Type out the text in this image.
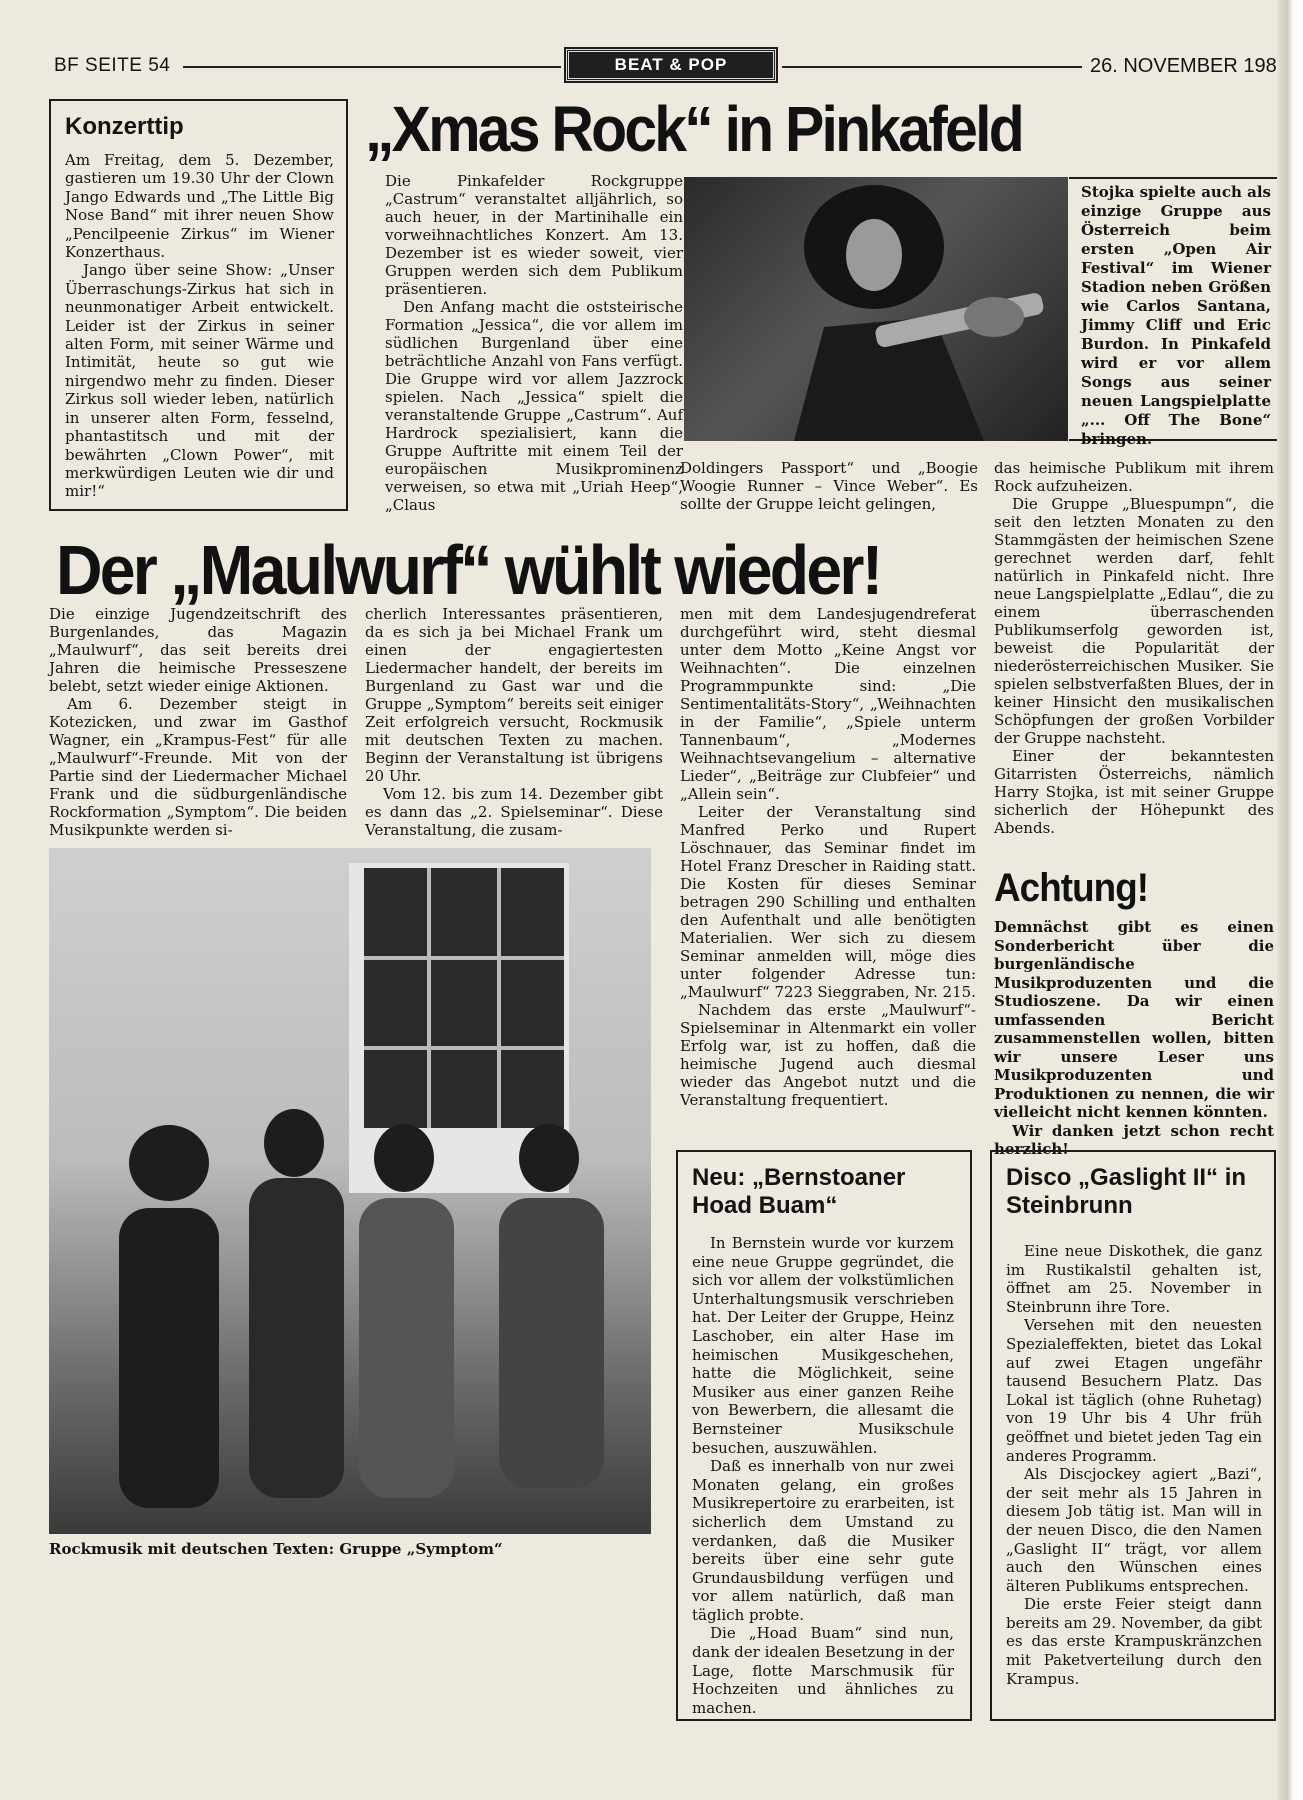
BF SEITE 54	BEAT & POP	26. NOVEMBER 198
Konzerttip

Am Freitag, dem 5. Dezember, gastieren um 19.30 Uhr der Clown Jango Edwards und „The Little Big Nose Band“ mit ihrer neuen Show „Pencilpeenie Zirkus“ im Wiener Konzerthaus.

Jango über seine Show: „Unser Überraschungs-Zirkus hat sich in neunmonatiger Arbeit entwickelt. Leider ist der Zirkus in seiner alten Form, mit seiner Wärme und Intimität, heute so gut wie nirgendwo mehr zu finden. Dieser Zirkus soll wieder leben, natürlich in unserer alten Form, fesselnd, phantastitsch und mit der bewährten „Clown Power“, mit merkwürdigen Leuten wie dir und mir!“

„Xmas Rock“ in Pinkafeld

Die Pinkafelder Rockgruppe „Castrum“ veranstaltet alljährlich, so auch heuer, in der Martinihalle ein vorweihnachtliches Konzert. Am 13. Dezember ist es wieder soweit, vier Gruppen werden sich dem Publikum präsentieren.

Den Anfang macht die oststeirische Formation „Jessica“, die vor allem im südlichen Burgenland über eine beträchtliche Anzahl von Fans verfügt. Die Gruppe wird vor allem Jazzrock spielen. Nach „Jessica“ spielt die veranstaltende Gruppe „Castrum“. Auf Hardrock spezialisiert, kann die Gruppe Auftritte mit einem Teil der europäischen Musikprominenz verweisen, so etwa mit „Uriah Heep“, „Claus

Stojka spielte auch als einzige Gruppe aus Österreich beim ersten „Open Air Festival“ im Wiener Stadion neben Größen wie Carlos Santana, Jimmy Cliff und Eric Burdon. In Pinkafeld wird er vor allem Songs aus seiner neuen Langspielplatte „... Off The Bone“ bringen.

Doldingers Passport“ und „Boogie Woogie Runner – Vince Weber“. Es sollte der Gruppe leicht gelingen,

das heimische Publikum mit ihrem Rock aufzuheizen.

Die Gruppe „Bluespumpn“, die seit den letzten Monaten zu den Stammgästen der heimischen Szene gerechnet werden darf, fehlt natürlich in Pinkafeld nicht. Ihre neue Langspielplatte „Edlau“, die zu einem überraschenden Publikumserfolg geworden ist, beweist die Popularität der niederösterreichischen Musiker. Sie spielen selbstverfaßten Blues, der in keiner Hinsicht den musikalischen Schöpfungen der großen Vorbilder der Gruppe nachsteht.

Einer der bekanntesten Gitarristen Österreichs, nämlich Harry Stojka, ist mit seiner Gruppe sicherlich der Höhepunkt des Abends.

Der „Maulwurf“ wühlt wieder!

Die einzige Jugendzeitschrift des Burgenlandes, das Magazin „Maulwurf“, das seit bereits drei Jahren die heimische Presseszene belebt, setzt wieder einige Aktionen.

Am 6. Dezember steigt in Kotezicken, und zwar im Gasthof Wagner, ein „Krampus-Fest“ für alle „Maulwurf“-Freunde. Mit von der Partie sind der Liedermacher Michael Frank und die südburgenländische Rockformation „Symptom“. Die beiden Musikpunkte werden si-

cherlich Interessantes präsentieren, da es sich ja bei Michael Frank um einen der engagiertesten Liedermacher handelt, der bereits im Burgenland zu Gast war und die Gruppe „Symptom“ bereits seit einiger Zeit erfolgreich versucht, Rockmusik mit deutschen Texten zu machen. Beginn der Veranstaltung ist übrigens 20 Uhr.

Vom 12. bis zum 14. Dezember gibt es dann das „2. Spielseminar“. Diese Veranstaltung, die zusam-

men mit dem Landesjugendreferat durchgeführt wird, steht diesmal unter dem Motto „Keine Angst vor Weihnachten“. Die einzelnen Programmpunkte sind: „Die Sentimentalitäts-Story“, „Weihnachten in der Familie“, „Spiele unterm Tannenbaum“, „Modernes Weihnachtsevangelium – alternative Lieder“, „Beiträge zur Clubfeier“ und „Allein sein“.

Leiter der Veranstaltung sind Manfred Perko und Rupert Löschnauer, das Seminar findet im Hotel Franz Drescher in Raiding statt. Die Kosten für dieses Seminar betragen 290 Schilling und enthalten den Aufenthalt und alle benötigten Materialien. Wer sich zu diesem Seminar anmelden will, möge dies unter folgender Adresse tun: „Maulwurf“ 7223 Sieggraben, Nr. 215.

Nachdem das erste „Maulwurf“-Spielseminar in Altenmarkt ein voller Erfolg war, ist zu hoffen, daß die heimische Jugend auch diesmal wieder das Angebot nutzt und die Veranstaltung frequentiert.

Rockmusik mit deutschen Texten: Gruppe „Symptom“
Achtung!

Demnächst gibt es einen Sonderbericht über die burgenländische Musikproduzenten und die Studioszene. Da wir einen umfassenden Bericht zusammenstellen wollen, bitten wir unsere Leser uns Musikproduzenten und Produktionen zu nennen, die wir vielleicht nicht kennen könnten.

Wir danken jetzt schon recht herzlich!

Neu: „Bernstoaner Hoad Buam“

In Bernstein wurde vor kurzem eine neue Gruppe gegründet, die sich vor allem der volkstümlichen Unterhaltungsmusik verschrieben hat. Der Leiter der Gruppe, Heinz Laschober, ein alter Hase im heimischen Musikgeschehen, hatte die Möglichkeit, seine Musiker aus einer ganzen Reihe von Bewerbern, die allesamt die Bernsteiner Musikschule besuchen, auszuwählen.

Daß es innerhalb von nur zwei Monaten gelang, ein großes Musikrepertoire zu erarbeiten, ist sicherlich dem Umstand zu verdanken, daß die Musiker bereits über eine sehr gute Grundausbildung verfügen und vor allem natürlich, daß man täglich probte.

Die „Hoad Buam“ sind nun, dank der idealen Besetzung in der Lage, flotte Marschmusik für Hochzeiten und ähnliches zu machen.

Disco „Gaslight II“ in Steinbrunn

Eine neue Diskothek, die ganz im Rustikalstil gehalten ist, öffnet am 25. November in Steinbrunn ihre Tore.

Versehen mit den neuesten Spezialeffekten, bietet das Lokal auf zwei Etagen ungefähr tausend Besuchern Platz. Das Lokal ist täglich (ohne Ruhetag) von 19 Uhr bis 4 Uhr früh geöffnet und bietet jeden Tag ein anderes Programm.

Als Discjockey agiert „Bazi“, der seit mehr als 15 Jahren in diesem Job tätig ist. Man will in der neuen Disco, die den Namen „Gaslight II“ trägt, vor allem auch den Wünschen eines älteren Publikums entsprechen.

Die erste Feier steigt dann bereits am 29. November, da gibt es das erste Krampuskränzchen mit Paketverteilung durch den Krampus.
